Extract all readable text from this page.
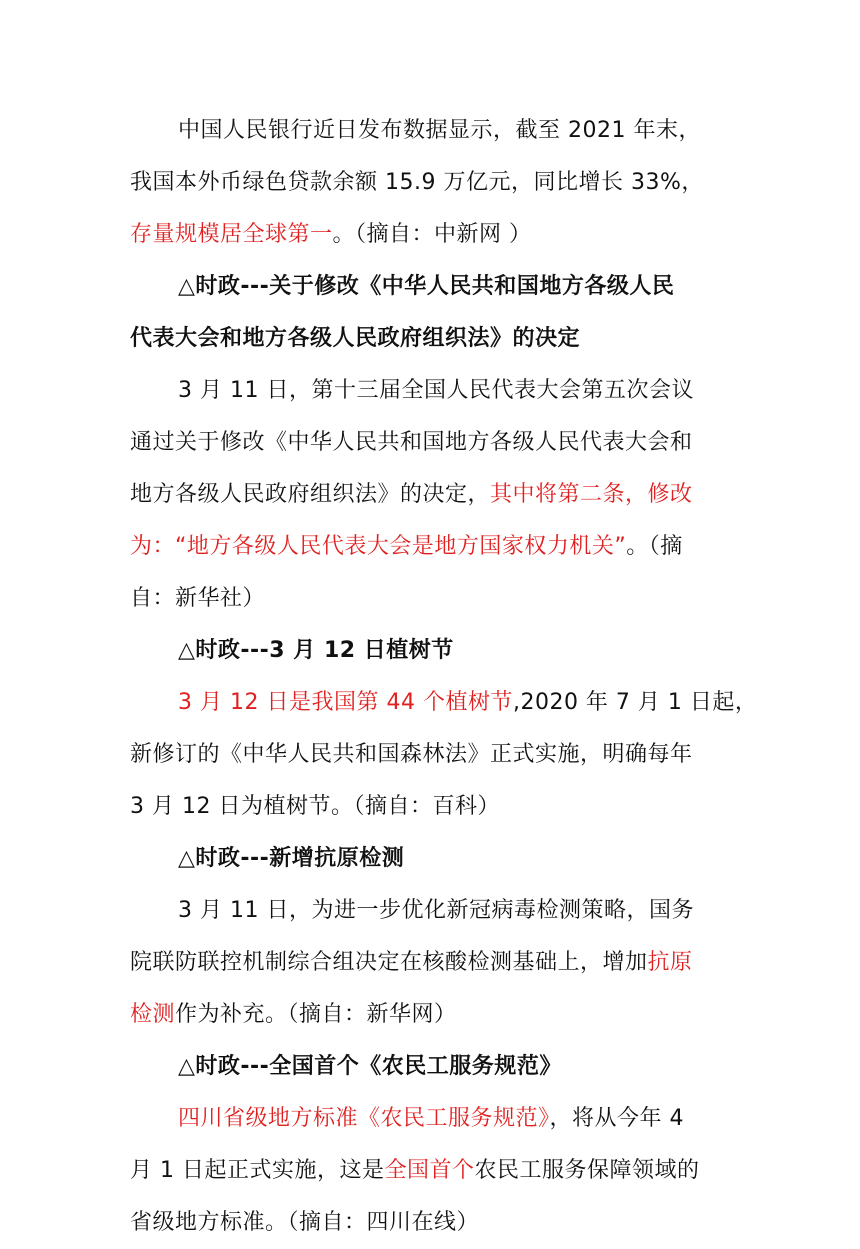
中国人民银行近日发布数据显示，截至 2021 年末，
我国本外币绿色贷款余额 15.9 万亿元，同比增长 33%，
存量规模居全球第一。（摘自：中新网 ）
△时政---关于修改《中华人民共和国地方各级人民
代表大会和地方各级人民政府组织法》的决定
3 月 11 日，第十三届全国人民代表大会第五次会议
通过关于修改《中华人民共和国地方各级人民代表大会和
地方各级人民政府组织法》的决定，其中将第二条，修改
为：“地方各级人民代表大会是地方国家权力机关”。（摘
自：新华社）
△时政---3 月 12 日植树节
3 月 12 日是我国第 44 个植树节,2020 年 7 月 1 日起，
新修订的《中华人民共和国森林法》正式实施，明确每年
3 月 12 日为植树节。（摘自：百科）
△时政---新增抗原检测
3 月 11 日，为进一步优化新冠病毒检测策略，国务
院联防联控机制综合组决定在核酸检测基础上，增加抗原
检测作为补充。（摘自：新华网）
△时政---全国首个《农民工服务规范》
四川省级地方标准《农民工服务规范》，将从今年 4
月 1 日起正式实施，这是全国首个农民工服务保障领域的
省级地方标准。（摘自：四川在线）
